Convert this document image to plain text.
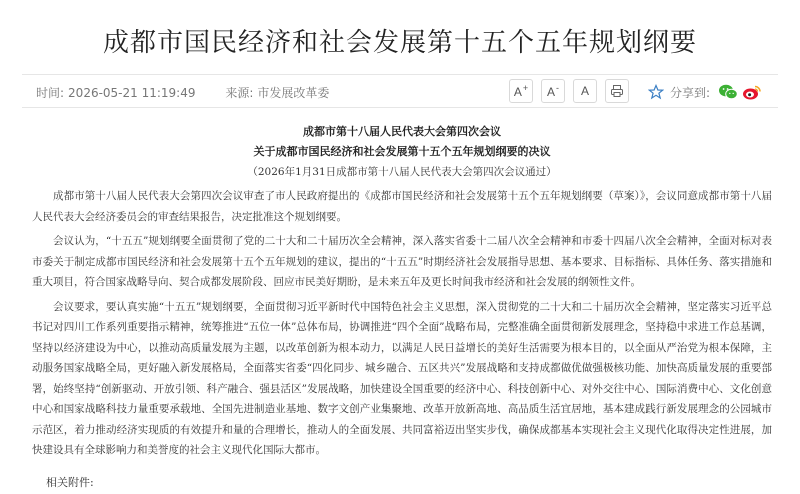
成都市国民经济和社会发展第十五个五年规划纲要
时间: 2026-05-21 11:19:49 来源: 市发展改革委	A+ A- A	分享到:
成都市第十八届人民代表大会第四次会议
关于成都市国民经济和社会发展第十五个五年规划纲要的决议
（2026年1月31日成都市第十八届人民代表大会第四次会议通过）

成都市第十八届人民代表大会第四次会议审查了市人民政府提出的《成都市国民经济和社会发展第十五个五年规划纲要（草案）》，会议同意成都市第十八届人民代表大会经济委员会的审查结果报告，决定批准这个规划纲要。

会议认为，“十五五”规划纲要全面贯彻了党的二十大和二十届历次全会精神，深入落实省委十二届八次全会精神和市委十四届八次全会精神，全面对标对表市委关于制定成都市国民经济和社会发展第十五个五年规划的建议，提出的“十五五”时期经济社会发展指导思想、基本要求、目标指标、具体任务、落实措施和重大项目，符合国家战略导向、契合成都发展阶段、回应市民美好期盼，是未来五年及更长时间我市经济和社会发展的纲领性文件。

会议要求，要认真实施“十五五”规划纲要，全面贯彻习近平新时代中国特色社会主义思想，深入贯彻党的二十大和二十届历次全会精神，坚定落实习近平总书记对四川工作系列重要指示精神，统筹推进“五位一体”总体布局，协调推进“四个全面”战略布局，完整准确全面贯彻新发展理念，坚持稳中求进工作总基调，坚持以经济建设为中心，以推动高质量发展为主题，以改革创新为根本动力，以满足人民日益增长的美好生活需要为根本目的，以全面从严治党为根本保障，主动服务国家战略全局，更好融入新发展格局，全面落实省委“四化同步、城乡融合、五区共兴”发展战略和支持成都做优做强极核功能、加快高质量发展的重要部署，始终坚持“创新驱动、开放引领、科产融合、强县活区”发展战略，加快建设全国重要的经济中心、科技创新中心、对外交往中心、国际消费中心、文化创意中心和国家战略科技力量重要承载地、全国先进制造业基地、数字文创产业集聚地、改革开放新高地、高品质生活宜居地，基本建成践行新发展理念的公园城市示范区，着力推动经济实现质的有效提升和量的合理增长，推动人的全面发展、共同富裕迈出坚实步伐，确保成都基本实现社会主义现代化取得决定性进展，加快建设具有全球影响力和美誉度的社会主义现代化国际大都市。

相关附件:
